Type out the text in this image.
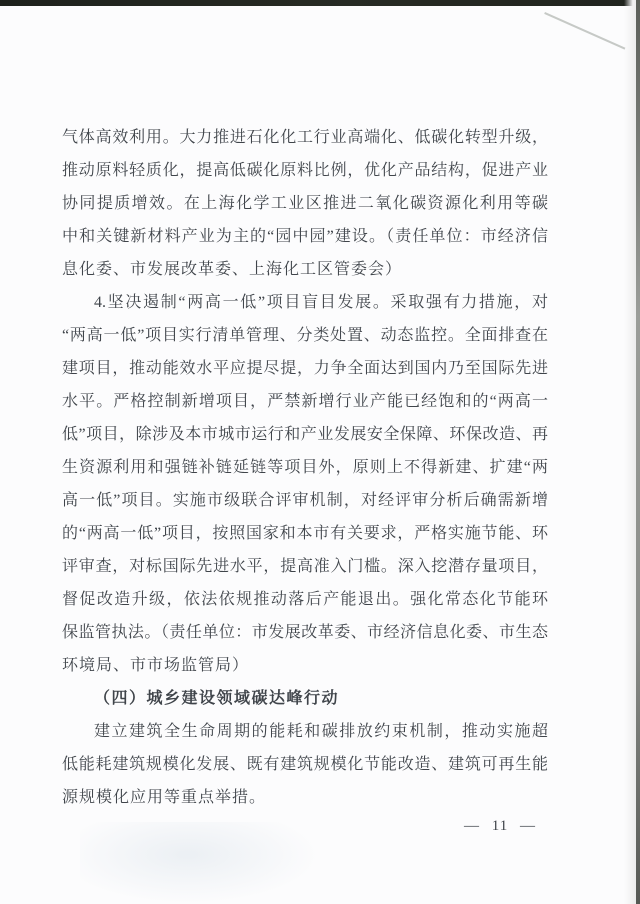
气体高效利用。大力推进石化化工行业高端化、低碳化转型升级，
推动原料轻质化，提高低碳化原料比例，优化产品结构，促进产业
协同提质增效。在上海化学工业区推进二氧化碳资源化利用等碳
中和关键新材料产业为主的“园中园”建设。（责任单位：市经济信
息化委、市发展改革委、上海化工区管委会）
4.坚决遏制“两高一低”项目盲目发展。采取强有力措施，对
“两高一低”项目实行清单管理、分类处置、动态监控。全面排查在
建项目，推动能效水平应提尽提，力争全面达到国内乃至国际先进
水平。严格控制新增项目，严禁新增行业产能已经饱和的“两高一
低”项目，除涉及本市城市运行和产业发展安全保障、环保改造、再
生资源利用和强链补链延链等项目外，原则上不得新建、扩建“两
高一低”项目。实施市级联合评审机制，对经评审分析后确需新增
的“两高一低”项目，按照国家和本市有关要求，严格实施节能、环
评审查，对标国际先进水平，提高准入门槛。深入挖潜存量项目，
督促改造升级，依法依规推动落后产能退出。强化常态化节能环
保监管执法。（责任单位：市发展改革委、市经济信息化委、市生态
环境局、市市场监管局）
（四）城乡建设领域碳达峰行动
建立建筑全生命周期的能耗和碳排放约束机制，推动实施超
低能耗建筑规模化发展、既有建筑规模化节能改造、建筑可再生能
源规模化应用等重点举措。
— 11 —
